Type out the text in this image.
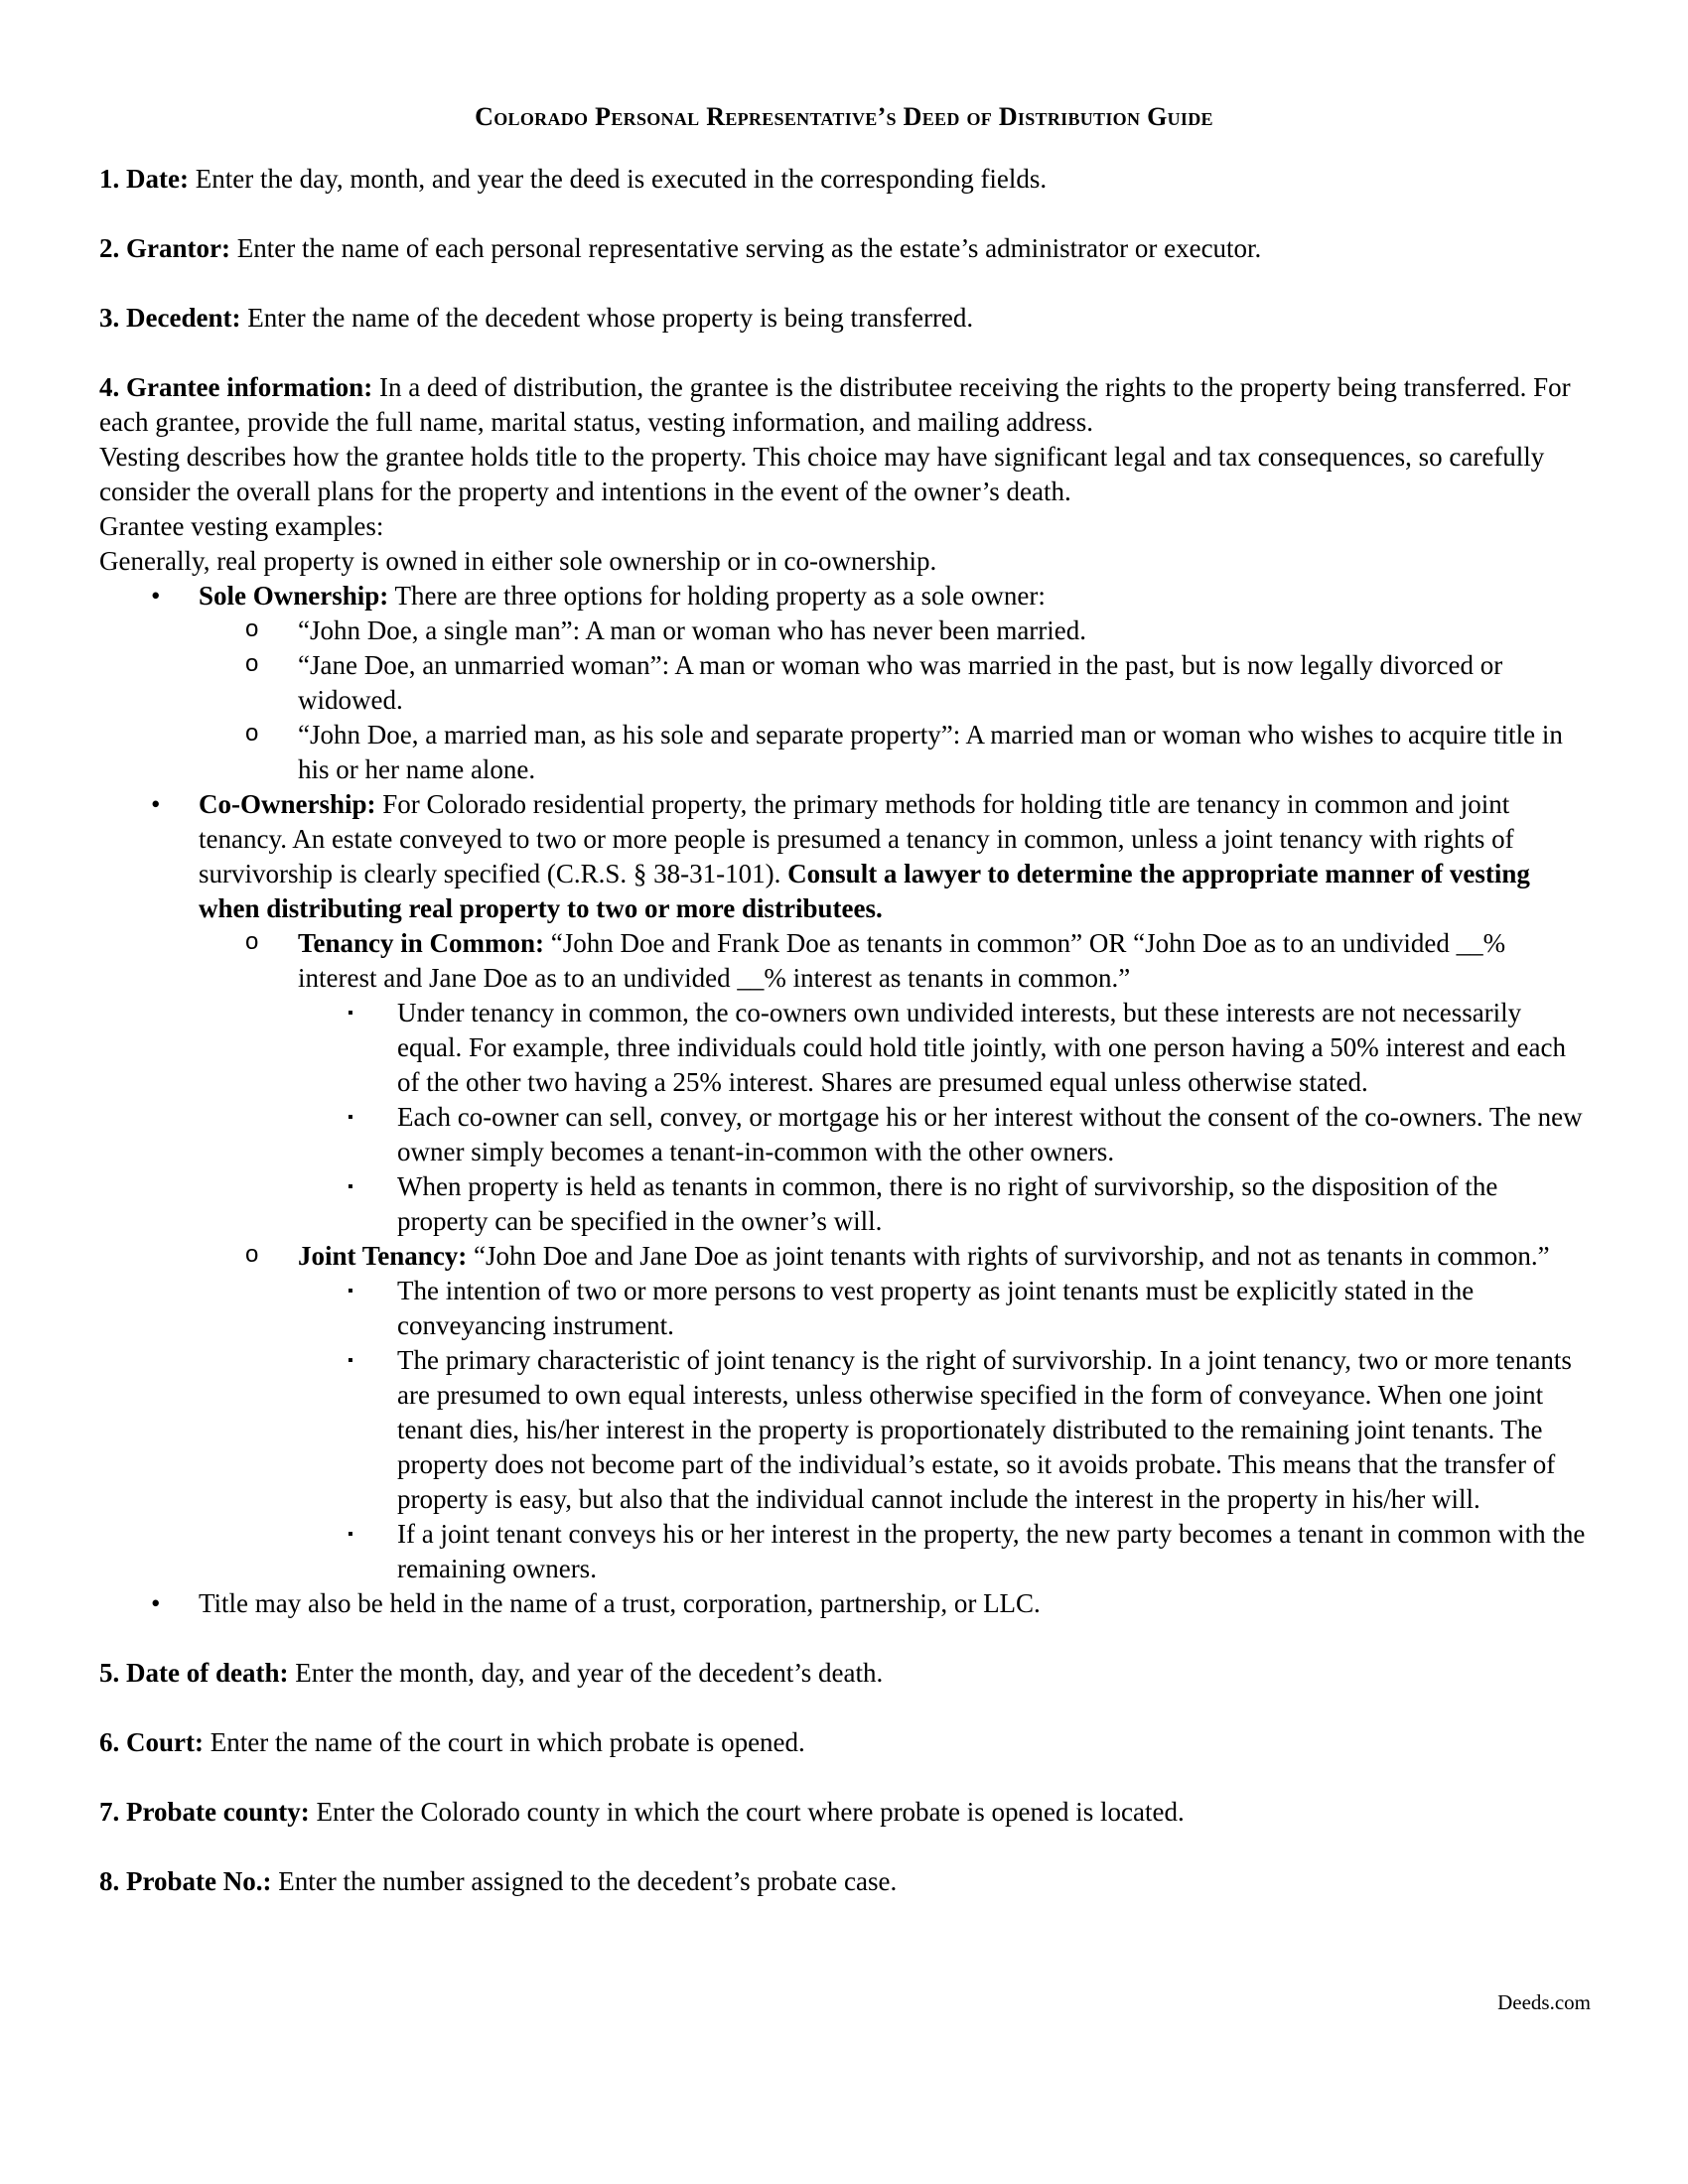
Colorado Personal Representative’s Deed of Distribution Guide

1. Date: Enter the day, month, and year the deed is executed in the corresponding fields.

2. Grantor: Enter the name of each personal representative serving as the estate’s administrator or executor.

3. Decedent: Enter the name of the decedent whose property is being transferred.

4. Grantee information: In a deed of distribution, the grantee is the distributee receiving the rights to the property being transferred. For each grantee, provide the full name, marital status, vesting information, and mailing address.

Vesting describes how the grantee holds title to the property. This choice may have significant legal and tax consequences, so carefully consider the overall plans for the property and intentions in the event of the owner’s death.

Grantee vesting examples:

Generally, real property is owned in either sole ownership or in co-ownership.

• Sole Ownership: There are three options for holding property as a sole owner:
o “John Doe, a single man”: A man or woman who has never been married.
o “Jane Doe, an unmarried woman”: A man or woman who was married in the past, but is now legally divorced or widowed.
o “John Doe, a married man, as his sole and separate property”: A married man or woman who wishes to acquire title in his or her name alone.
• Co-Ownership: For Colorado residential property, the primary methods for holding title are tenancy in common and joint tenancy. An estate conveyed to two or more people is presumed a tenancy in common, unless a joint tenancy with rights of survivorship is clearly specified (C.R.S. § 38-31-101). Consult a lawyer to determine the appropriate manner of vesting when distributing real property to two or more distributees.
o Tenancy in Common: “John Doe and Frank Doe as tenants in common” OR “John Doe as to an undivided __% interest and Jane Doe as to an undivided __% interest as tenants in common.”
▪ Under tenancy in common, the co-owners own undivided interests, but these interests are not necessarily equal. For example, three individuals could hold title jointly, with one person having a 50% interest and each of the other two having a 25% interest. Shares are presumed equal unless otherwise stated.
▪ Each co-owner can sell, convey, or mortgage his or her interest without the consent of the co-owners. The new owner simply becomes a tenant-in-common with the other owners.
▪ When property is held as tenants in common, there is no right of survivorship, so the disposition of the property can be specified in the owner’s will.
o Joint Tenancy: “John Doe and Jane Doe as joint tenants with rights of survivorship, and not as tenants in common.”
▪ The intention of two or more persons to vest property as joint tenants must be explicitly stated in the conveyancing instrument.
▪ The primary characteristic of joint tenancy is the right of survivorship. In a joint tenancy, two or more tenants are presumed to own equal interests, unless otherwise specified in the form of conveyance. When one joint tenant dies, his/her interest in the property is proportionately distributed to the remaining joint tenants. The property does not become part of the individual’s estate, so it avoids probate. This means that the transfer of property is easy, but also that the individual cannot include the interest in the property in his/her will.
▪ If a joint tenant conveys his or her interest in the property, the new party becomes a tenant in common with the remaining owners.
• Title may also be held in the name of a trust, corporation, partnership, or LLC.

5. Date of death: Enter the month, day, and year of the decedent’s death.

6. Court: Enter the name of the court in which probate is opened.

7. Probate county: Enter the Colorado county in which the court where probate is opened is located.

8. Probate No.: Enter the number assigned to the decedent’s probate case.

Deeds.com
